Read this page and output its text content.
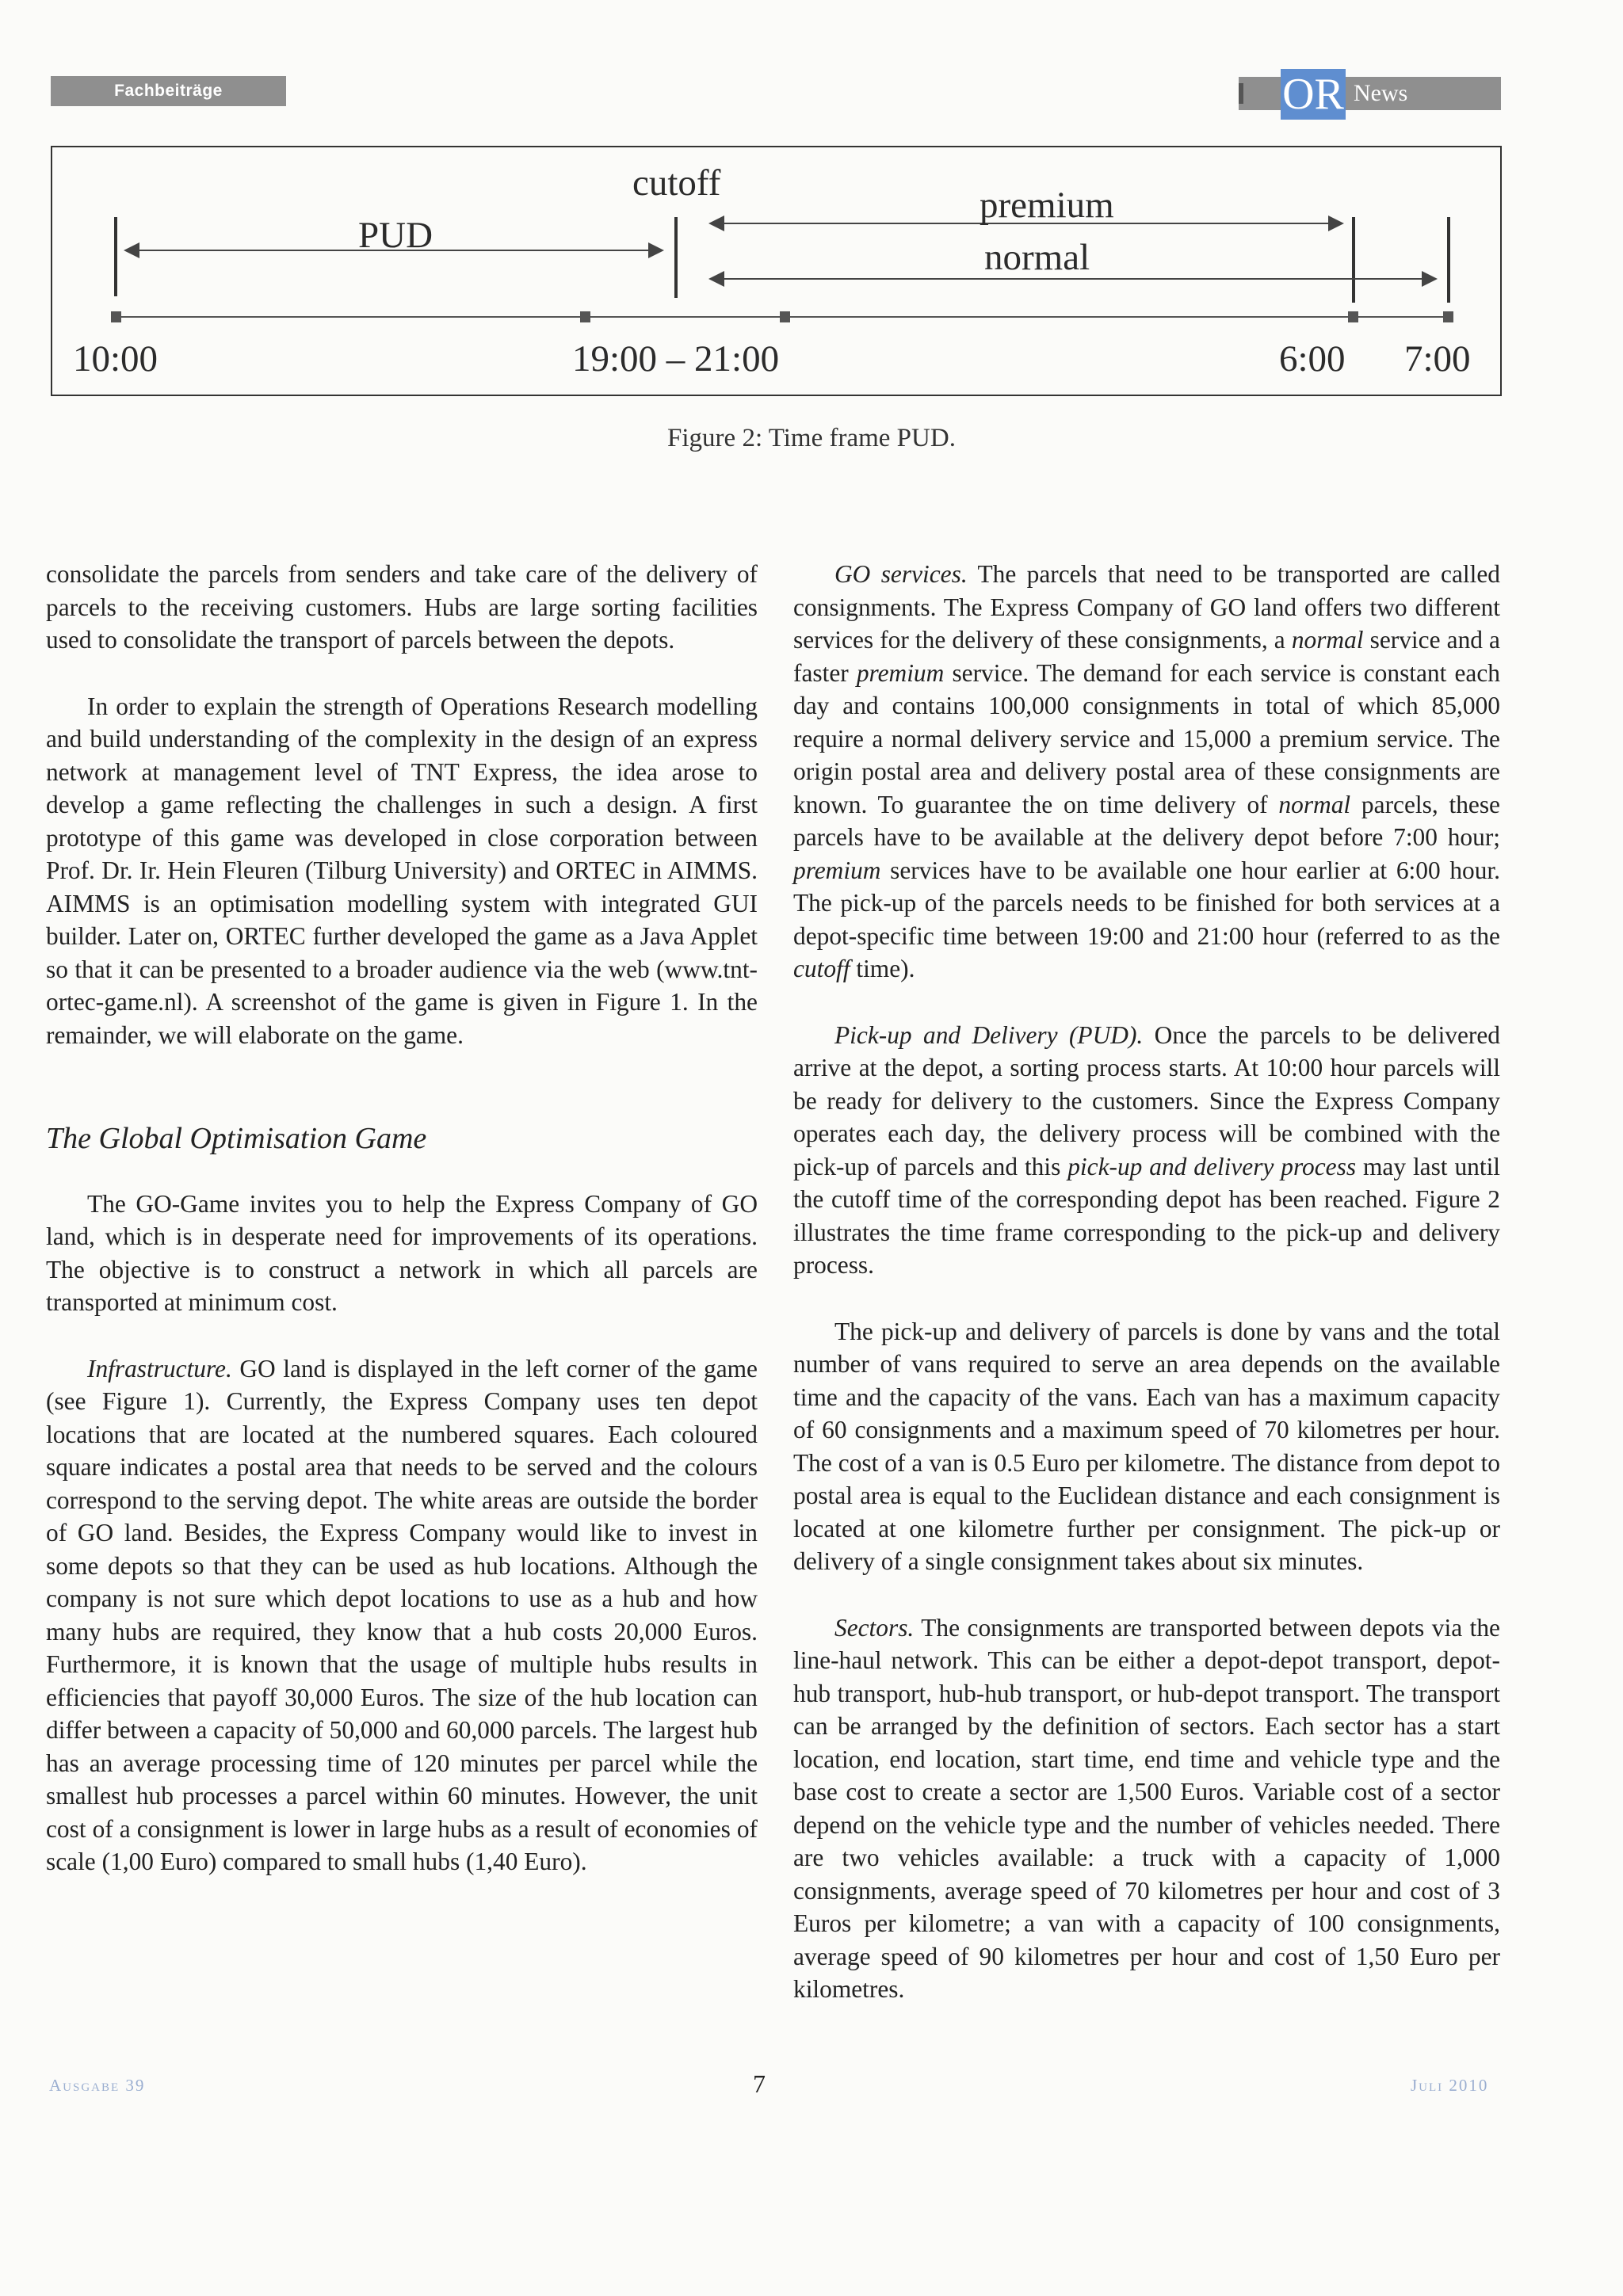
Fachbeiträge	OR News
cutoff
PUD
premium
normal
10:00	19:00 – 21:00	6:00 7:00
Figure 2: Time frame PUD.

consolidate the parcels from senders and take care of the delivery of parcels to the receiving customers. Hubs are large sorting facilities used to consolidate the transport of parcels between the depots.

In order to explain the strength of Operations Research modelling and build understanding of the complexity in the design of an express network at management level of TNT Express, the idea arose to develop a game reflecting the challenges in such a design. A first prototype of this game was developed in close corporation between Prof. Dr. Ir. Hein Fleuren (Tilburg University) and ORTEC in AIMMS. AIMMS is an optimisation modelling system with integrated GUI builder. Later on, ORTEC further developed the game as a Java Applet so that it can be presented to a broader audience via the web (www.tnt-ortec-game.nl). A screenshot of the game is given in Figure 1. In the remainder, we will elaborate on the game.

The Global Optimisation Game

The GO-Game invites you to help the Express Company of GO land, which is in desperate need for improvements of its operations. The objective is to construct a network in which all parcels are transported at minimum cost.

Infrastructure. GO land is displayed in the left corner of the game (see Figure 1). Currently, the Express Company uses ten depot locations that are located at the numbered squares. Each coloured square indicates a postal area that needs to be served and the colours correspond to the serving depot. The white areas are outside the border of GO land. Besides, the Express Company would like to invest in some depots so that they can be used as hub locations. Although the company is not sure which depot locations to use as a hub and how many hubs are required, they know that a hub costs 20,000 Euros. Furthermore, it is known that the usage of multiple hubs results in efficiencies that payoff 30,000 Euros. The size of the hub location can differ between a capacity of 50,000 and 60,000 parcels. The largest hub has an average processing time of 120 minutes per parcel while the smallest hub processes a parcel within 60 minutes. However, the unit cost of a consignment is lower in large hubs as a result of economies of scale (1,00 Euro) compared to small hubs (1,40 Euro).

GO services. The parcels that need to be transported are called consignments. The Express Company of GO land offers two different services for the delivery of these consignments, a normal service and a faster premium service. The demand for each service is constant each day and contains 100,000 consignments in total of which 85,000 require a normal delivery service and 15,000 a premium service. The origin postal area and delivery postal area of these consignments are known. To guarantee the on time delivery of normal parcels, these parcels have to be available at the delivery depot before 7:00 hour; premium services have to be available one hour earlier at 6:00 hour. The pick-up of the parcels needs to be finished for both services at a depot-specific time between 19:00 and 21:00 hour (referred to as the cutoff time).

Pick-up and Delivery (PUD). Once the parcels to be delivered arrive at the depot, a sorting process starts. At 10:00 hour parcels will be ready for delivery to the customers. Since the Express Company operates each day, the delivery process will be combined with the pick-up of parcels and this pick-up and delivery process may last until the cutoff time of the corresponding depot has been reached. Figure 2 illustrates the time frame corresponding to the pick-up and delivery process.

The pick-up and delivery of parcels is done by vans and the total number of vans required to serve an area depends on the available time and the capacity of the vans. Each van has a maximum capacity of 60 consignments and a maximum speed of 70 kilometres per hour. The cost of a van is 0.5 Euro per kilometre. The distance from depot to postal area is equal to the Euclidean distance and each consignment is located at one kilometre further per consignment. The pick-up or delivery of a single consignment takes about six minutes.

Sectors. The consignments are transported between depots via the line-haul network. This can be either a depot-depot transport, depot-hub transport, hub-hub transport, or hub-depot transport. The transport can be arranged by the definition of sectors. Each sector has a start location, end location, start time, end time and vehicle type and the base cost to create a sector are 1,500 Euros. Variable cost of a sector depend on the vehicle type and the number of vehicles needed. There are two vehicles available: a truck with a capacity of 1,000 consignments, average speed of 70 kilometres per hour and cost of 3 Euros per kilometre; a van with a capacity of 100 consignments, average speed of 90 kilometres per hour and cost of 1,50 Euro per kilometres.

Ausgabe 39	7	Juli 2010
